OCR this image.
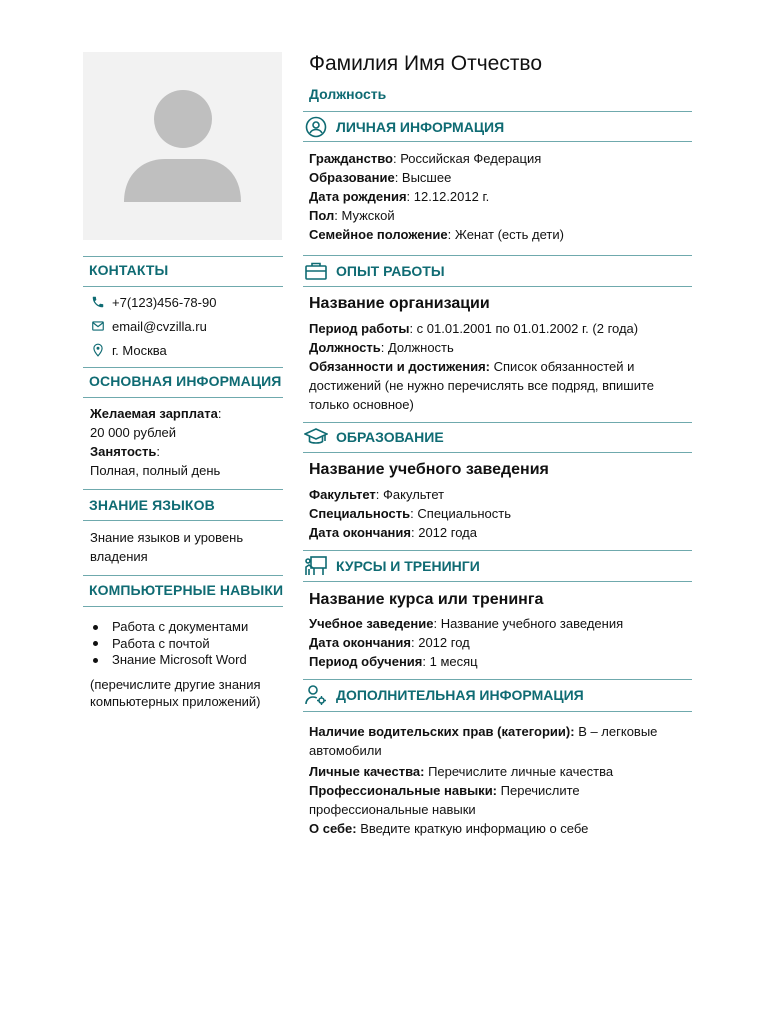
КОНТАКТЫ
+7(123)456-78-90
email@cvzilla.ru
г. Москва
ОСНОВНАЯ ИНФОРМАЦИЯ
Желаемая зарплата:
20 000 рублей
Занятость:
Полная, полный день
ЗНАНИЕ ЯЗЫКОВ
Знание языков и уровень
владения
КОМПЬЮТЕРНЫЕ НАВЫКИ
Работа с документами
Работа с почтой
Знание Microsoft Word
(перечислите другие знания
компьютерных приложений)
Фамилия Имя Отчество
Должность
ЛИЧНАЯ ИНФОРМАЦИЯ
Гражданство: Российская Федерация
Образование: Высшее
Дата рождения: 12.12.2012 г.
Пол: Мужской
Семейное положение: Женат (есть дети)
ОПЫТ РАБОТЫ
Название организации
Период работы: с 01.01.2001 по 01.01.2002 г. (2 года)
Должность: Должность
Обязанности и достижения: Список обязанностей и
достижений (не нужно перечислять все подряд, впишите
только основное)
ОБРАЗОВАНИЕ
Название учебного заведения
Факультет: Факультет
Специальность: Специальность
Дата окончания: 2012 года
КУРСЫ И ТРЕНИНГИ
Название курса или тренинга
Учебное заведение: Название учебного заведения
Дата окончания: 2012 год
Период обучения: 1 месяц
ДОПОЛНИТЕЛЬНАЯ ИНФОРМАЦИЯ
Наличие водительских прав (категории): В – легковые
автомобили
Личные качества: Перечислите личные качества
Профессиональные навыки: Перечислите
профессиональные навыки
О себе: Введите краткую информацию о себе
